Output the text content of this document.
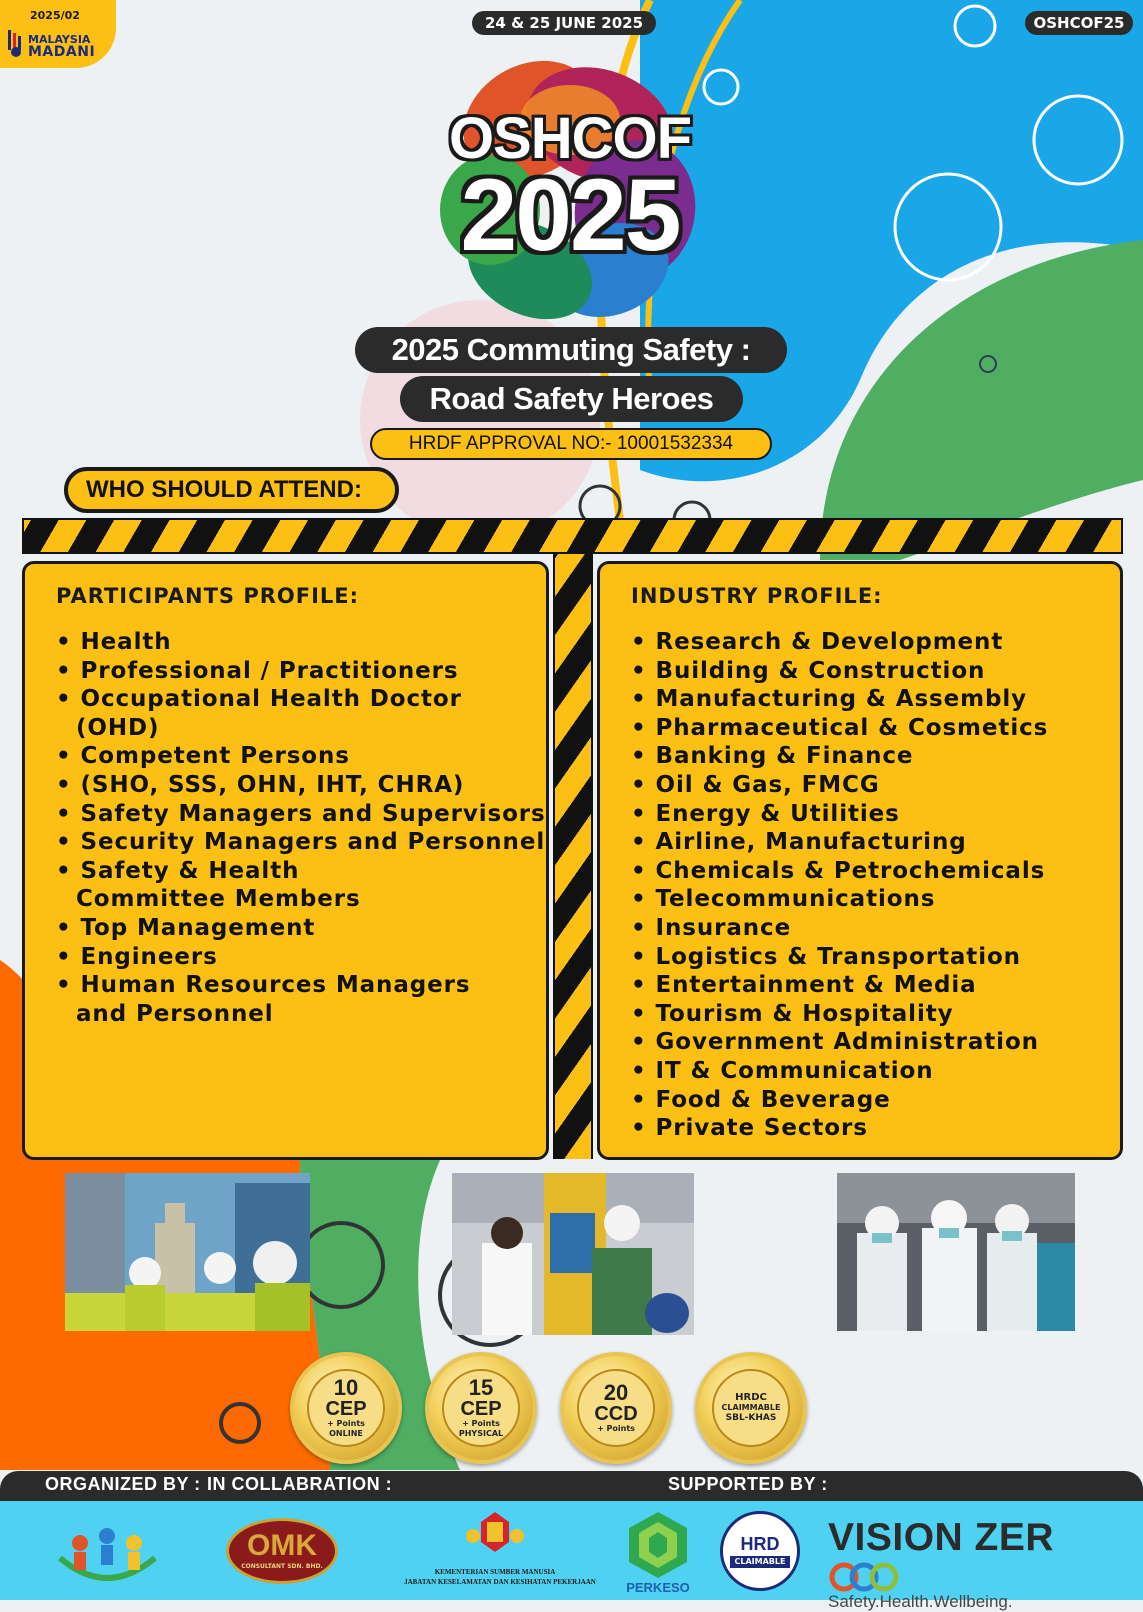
2025/02
MALAYSIA
MADANI
24 & 25 JUNE 2025	OSHCOF25
OSHCOF
2025
2025 Commuting Safety :
Road Safety Heroes
HRDF APPROVAL NO:- 10001532334
WHO SHOULD ATTEND:
PARTICIPANTS PROFILE:
• Health
• Professional / Practitioners
• Occupational Health Doctor (OHD)
• Competent Persons
• (SHO, SSS, OHN, IHT, CHRA)
• Safety Managers and Supervisors
• Security Managers and Personnel
• Safety & Health Committee Members
• Top Management
• Engineers
• Human Resources Managers and Personnel
INDUSTRY PROFILE:
• Research & Development
• Building & Construction
• Manufacturing & Assembly
• Pharmaceutical & Cosmetics
• Banking & Finance
• Oil & Gas, FMCG
• Energy & Utilities
• Airline, Manufacturing
• Chemicals & Petrochemicals
• Telecommunications
• Insurance
• Logistics & Transportation
• Entertainment & Media
• Tourism & Hospitality
• Government Administration
• IT & Communication
• Food & Beverage
• Private Sectors
10
CEP
+ Points
ONLINE
15
CEP
+ Points
PHYSICAL
20
CCD
+ Points
HRDC
CLAIMMABLE
SBL-KHAS
ORGANIZED BY : IN COLLABRATION :	SUPPORTED BY :
OMK
CONSULTANT SDN. BHD.
KEMENTERIAN SUMBER MANUSIA
JABATAN KESELAMATAN DAN KESIHATAN PEKERJAAN	PERKESO
HRD
CLAIMABLE
VISION ZER
Safety.Health.Wellbeing.
